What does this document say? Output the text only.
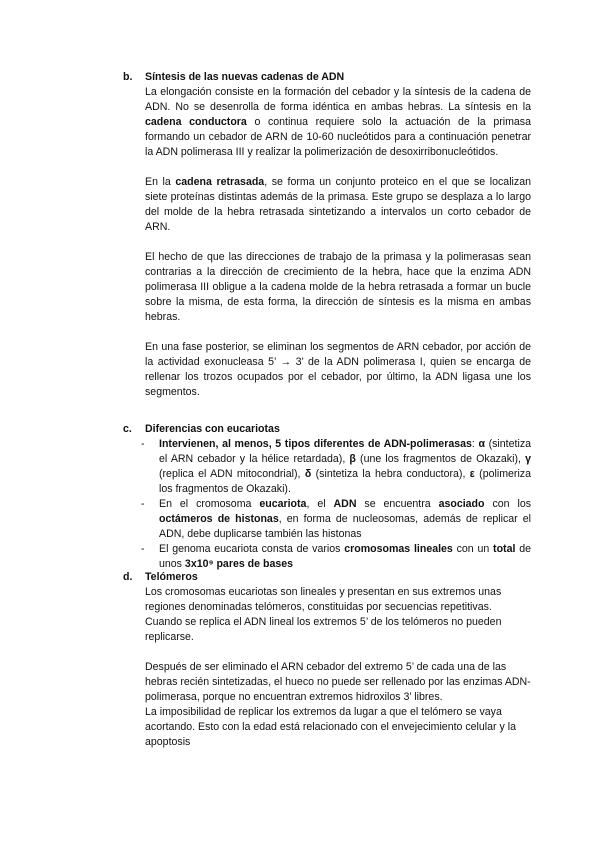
b.	Síntesis de las nuevas cadenas de ADN

La elongación consiste en la formación del cebador y la síntesis de la cadena de ADN. No se desenrolla de forma idéntica en ambas hebras. La síntesis en la cadena conductora o continua requiere solo la actuación de la primasa formando un cebador de ARN de 10-60 nucleótidos para a continuación penetrar la ADN polimerasa III y realizar la polimerización de desoxirribonucleótidos.

En la cadena retrasada, se forma un conjunto proteico en el que se localizan siete proteínas distintas además de la primasa. Este grupo se desplaza a lo largo del molde de la hebra retrasada sintetizando a intervalos un corto cebador de ARN.

El hecho de que las direcciones de trabajo de la primasa y la polimerasas sean contrarias a la dirección de crecimiento de la hebra, hace que la enzima ADN polimerasa III obligue a la cadena molde de la hebra retrasada a formar un bucle sobre la misma, de esta forma, la dirección de síntesis es la misma en ambas hebras.

En una fase posterior, se eliminan los segmentos de ARN cebador, por acción de la actividad exonucleasa 5’ → 3’ de la ADN polimerasa I, quien se encarga de rellenar los trozos ocupados por el cebador, por último, la ADN ligasa une los segmentos.

c.	Diferencias con eucariotas
-	Intervienen, al menos, 5 tipos diferentes de ADN-polimerasas: α (sintetiza el ARN cebador y la hélice retardada), β (une los fragmentos de Okazaki), γ (replica el ADN mitocondrial), δ (sintetiza la hebra conductora), ε (polimeriza los fragmentos de Okazaki).
-	En el cromosoma eucariota, el ADN se encuentra asociado con los octámeros de histonas, en forma de nucleosomas, además de replicar el ADN, debe duplicarse también las histonas
-	El genoma eucariota consta de varios cromosomas lineales con un total de unos 3x10⁹ pares de bases
d.	Telómeros

Los cromosomas eucariotas son lineales y presentan en sus extremos unas regiones denominadas telómeros, constituidas por secuencias repetitivas.

Cuando se replica el ADN lineal los extremos 5’ de los telómeros no pueden replicarse.

Después de ser eliminado el ARN cebador del extremo 5’ de cada una de las hebras recién sintetizadas, el hueco no puede ser rellenado por las enzimas ADN-polimerasa, porque no encuentran extremos hidroxilos 3’ libres.

La imposibilidad de replicar los extremos da lugar a que el telómero se vaya acortando. Esto con la edad está relacionado con el envejecimiento celular y la apoptosis
